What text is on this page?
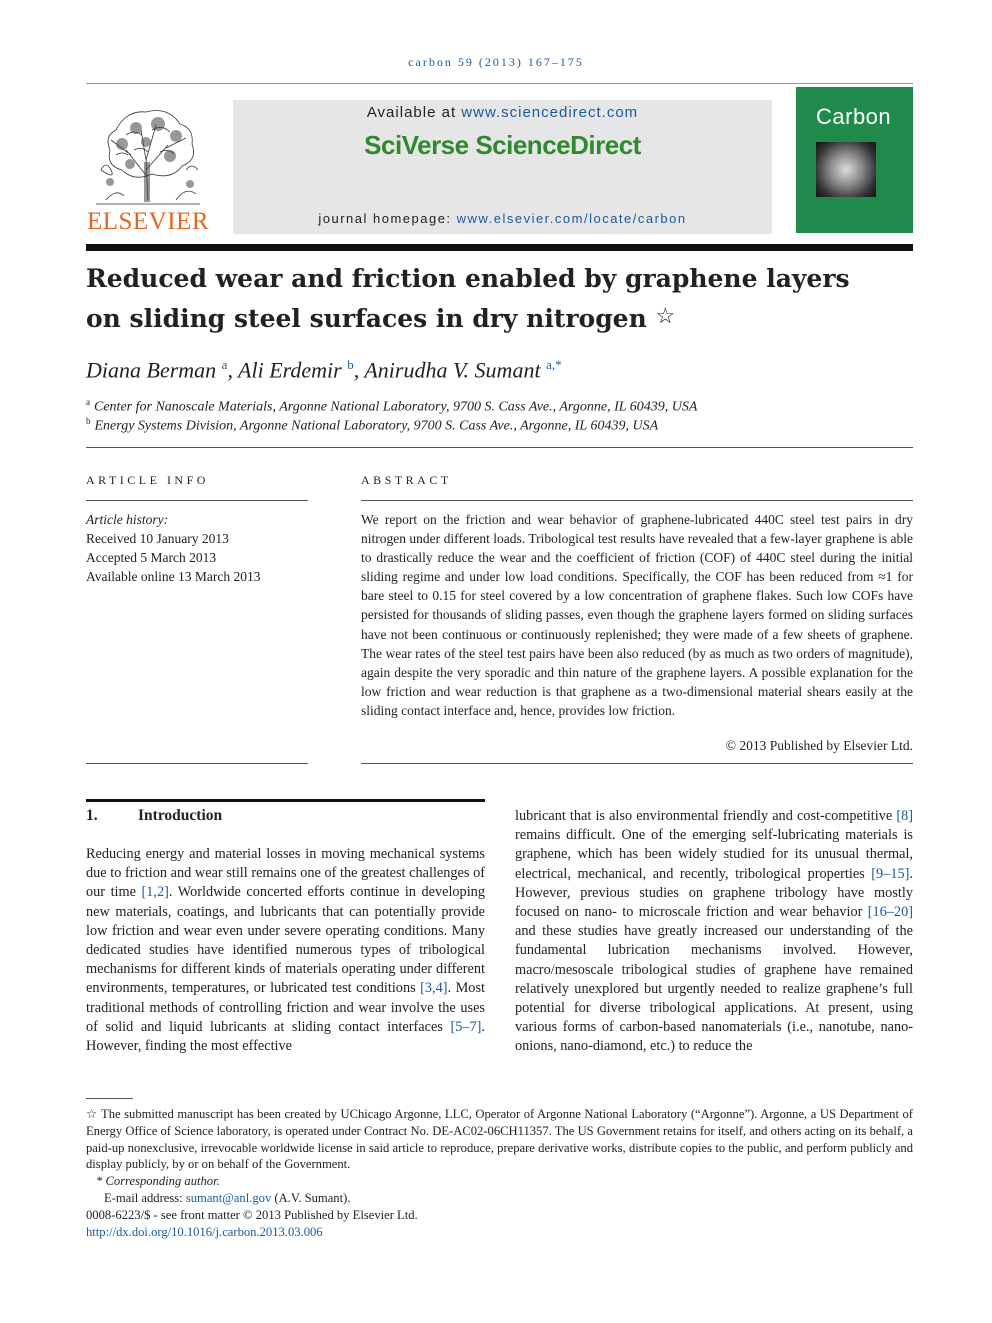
carbon 59 (2013) 167–175
ELSEVIER
Available at www.sciencedirect.com
SciVerse ScienceDirect
journal homepage: www.elsevier.com/locate/carbon
Carbon
Reduced wear and friction enabled by graphene layers
on sliding steel surfaces in dry nitrogen ☆
Diana Berman $^a$, Ali Erdemir $^b$, Anirudha V. Sumant $^{a,*}$
$^a$ Center for Nanoscale Materials, Argonne National Laboratory, 9700 S. Cass Ave., Argonne, IL 60439, USA
$^b$ Energy Systems Division, Argonne National Laboratory, 9700 S. Cass Ave., Argonne, IL 60439, USA
ARTICLE INFO	ABSTRACT
Article history:
Received 10 January 2013
Accepted 5 March 2013
Available online 13 March 2013
We report on the friction and wear behavior of graphene-lubricated 440C steel test pairs in dry nitrogen under different loads. Tribological test results have revealed that a few-layer graphene is able to drastically reduce the wear and the coefficient of friction (COF) of 440C steel during the initial sliding regime and under low load conditions. Specifically, the COF has been reduced from ≈1 for bare steel to 0.15 for steel covered by a low concentration of graphene flakes. Such low COFs have persisted for thousands of sliding passes, even though the graphene layers formed on sliding surfaces have not been continuous or continuously replenished; they were made of a few sheets of graphene. The wear rates of the steel test pairs have been also reduced (by as much as two orders of magnitude), again despite the very sporadic and thin nature of the graphene layers. A possible explanation for the low friction and wear reduction is that graphene as a two-dimensional material shears easily at the sliding contact interface and, hence, provides low friction.
© 2013 Published by Elsevier Ltd.
1.	Introduction
Reducing energy and material losses in moving mechanical systems due to friction and wear still remains one of the greatest challenges of our time [1,2]. Worldwide concerted efforts continue in developing new materials, coatings, and lubricants that can potentially provide low friction and wear even under severe operating conditions. Many dedicated studies have identified numerous types of tribological mechanisms for different kinds of materials operating under different environments, temperatures, or lubricated test conditions [3,4]. Most traditional methods of controlling friction and wear involve the uses of solid and liquid lubricants at sliding contact interfaces [5–7]. However, finding the most effective
lubricant that is also environmental friendly and cost-competitive [8] remains difficult. One of the emerging self-lubricating materials is graphene, which has been widely studied for its unusual thermal, electrical, mechanical, and recently, tribological properties [9–15]. However, previous studies on graphene tribology have mostly focused on nano- to microscale friction and wear behavior [16–20] and these studies have greatly increased our understanding of the fundamental lubrication mechanisms involved. However, macro/mesoscale tribological studies of graphene have remained relatively unexplored but urgently needed to realize graphene’s full potential for diverse tribological applications. At present, using various forms of carbon-based nanomaterials (i.e., nanotube, nano-onions, nano-diamond, etc.) to reduce the
☆ The submitted manuscript has been created by UChicago Argonne, LLC, Operator of Argonne National Laboratory (“Argonne”). Argonne, a US Department of Energy Office of Science laboratory, is operated under Contract No. DE-AC02-06CH11357. The US Government retains for itself, and others acting on its behalf, a paid-up nonexclusive, irrevocable worldwide license in said article to reproduce, prepare derivative works, distribute copies to the public, and perform publicly and display publicly, by or on behalf of the Government.
* Corresponding author.
E-mail address: sumant@anl.gov (A.V. Sumant).
0008-6223/$ - see front matter © 2013 Published by Elsevier Ltd.
http://dx.doi.org/10.1016/j.carbon.2013.03.006
